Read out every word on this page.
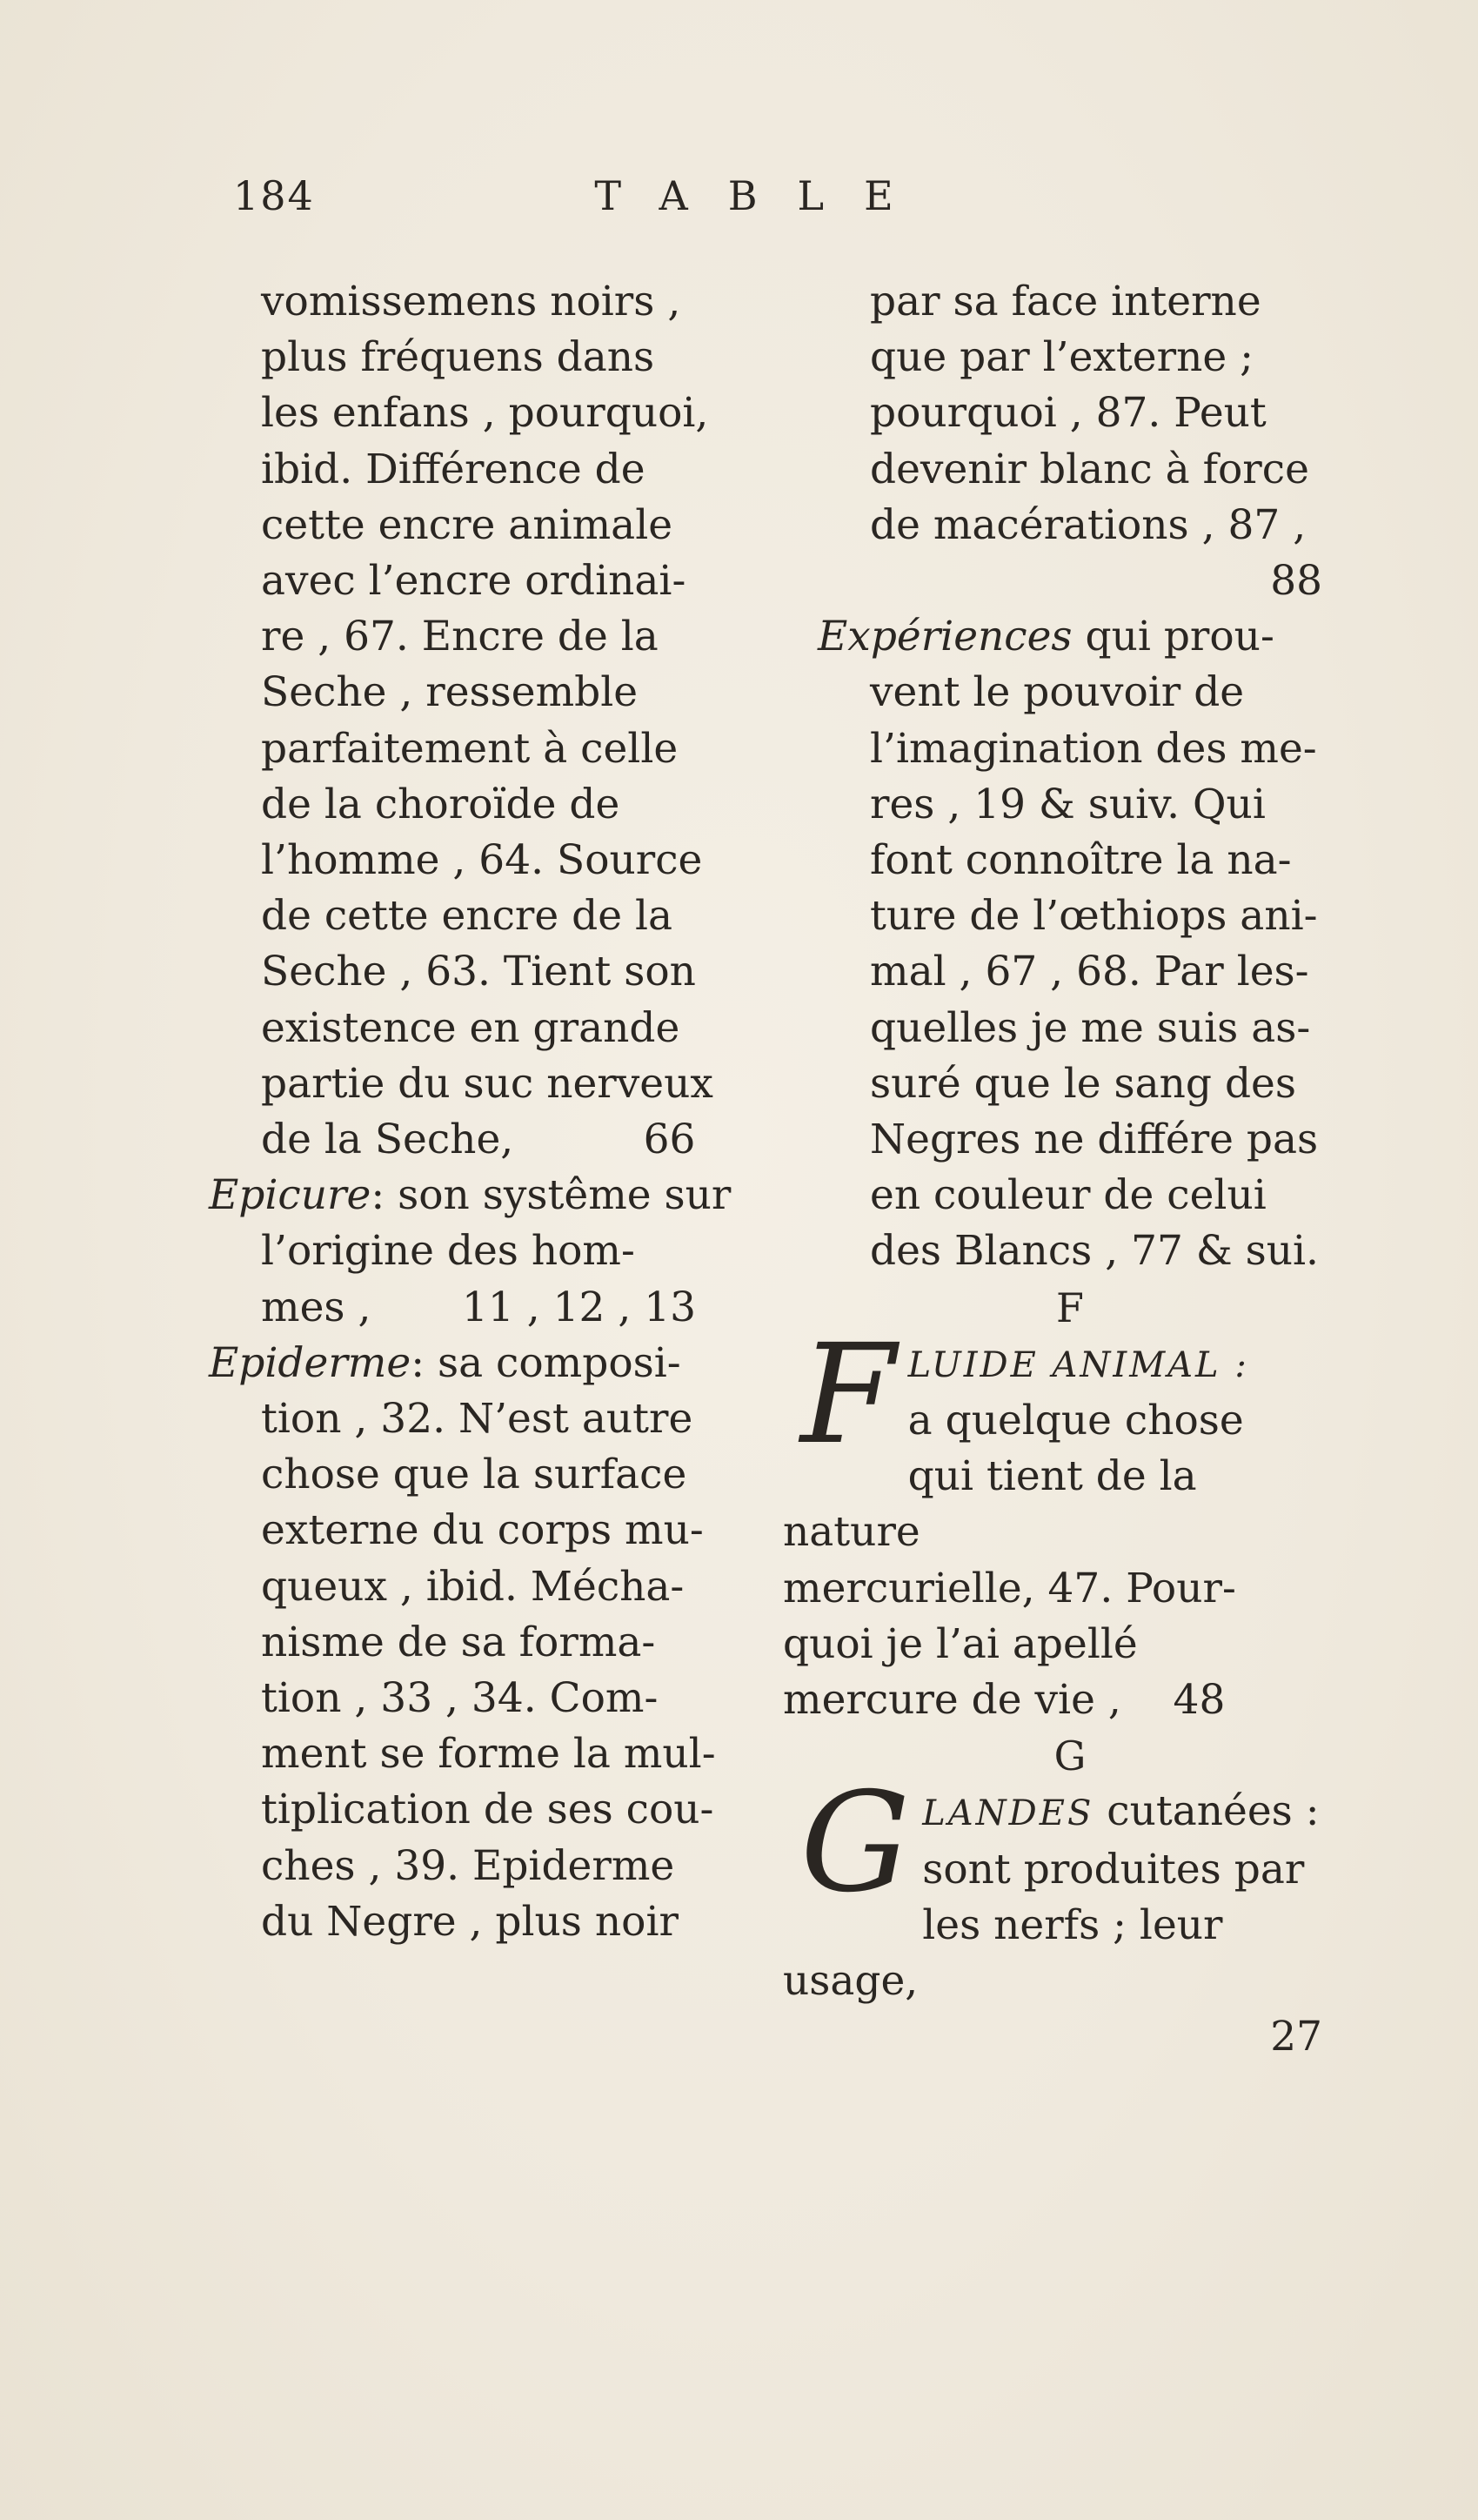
184	TABLE
vomissemens noirs ,
plus fréquens dans
les enfans , pourquoi,
ibid. Différence de
cette encre animale
avec l’encre ordinai-
re , 67. Encre de la
Seche , ressemble
parfaitement à celle
de la choroïde de
l’homme , 64. Source
de cette encre de la
Seche , 63. Tient son
existence en grande
partie du suc nerveux
de la Seche,          66
Epicure: son systême sur
l’origine des hom-
mes ,       11 , 12 , 13
Epiderme: sa composi-
tion , 32. N’est autre
chose que la surface
externe du corps mu-
queux , ibid. Mécha-
nisme de sa forma-
tion , 33 , 34. Com-
ment se forme la mul-
tiplication de ses cou-
ches , 39. Epiderme
du Negre , plus noir
par sa face interne
que par l’externe ;
pourquoi , 87. Peut
devenir blanc à force
de macérations , 87 ,
88
Expériences qui prou-
vent le pouvoir de
l’imagination des me-
res , 19 & suiv. Qui
font connoître la na-
ture de l’œthiops ani-
mal , 67 , 68. Par les-
quelles je me suis as-
suré que le sang des
Negres ne différe pas
en couleur de celui
des Blancs , 77 & sui.
F
F LUIDE ANIMAL :
a quelque chose
qui tient de la nature
mercurielle, 47. Pour-
quoi je l’ai apellé
mercure de vie ,    48
G
G LANDES cutanées :
sont produites par
les nerfs ; leur usage,
27
